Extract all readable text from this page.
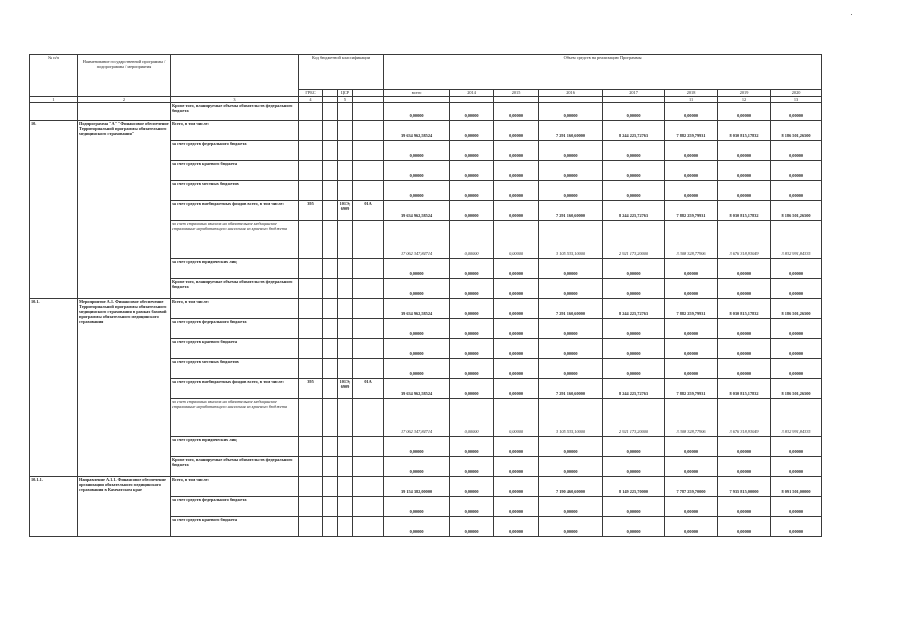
№ п/п	Наименование государственной программы / подпрограммы / мероприятия		Код бюджетной классификации				Объем средств на реализацию Программы							
			ГРБС		ЦСР		всего	2014	2015	2016	2017	2018	2019	2020
1	2	3	4		5							11	12	13
		Кроме того, планируемые объемы обязательств федерального бюджета					0,00000	0,00000	0,00000	0,00000	0,00000	0,00000	0,00000	0,00000
10.	Подпрограмма "А" "Финансовое обеспечение Территориальной программы обязательного медицинского страхования"	Всего, в том числе:					39 634 962,58524	0,00000	0,00000	7 291 160,60000	8 244 225,72763	7 882 259,79931	8 030 815,17832	8 186 501,26500
		за счет средств федерального бюджета					0,00000	0,00000	0,00000	0,00000	0,00000	0,00000	0,00000	0,00000
		за счет средств краевого бюджета					0,00000	0,00000	0,00000	0,00000	0,00000	0,00000	0,00000	0,00000
		за счет средств местных бюджетов					0,00000	0,00000	0,00000	0,00000	0,00000	0,00000	0,00000	0,00000
		за счет средств внебюджетных фондов всего, в том числе:	395		101Э; 6909	01А	39 634 962,58524	0,00000	0,00000	7 291 160,60000	8 244 225,72763	7 882 259,79931	8 030 815,17832	8 186 501,26500
		за счет страховых взносов на обязательное медицинское страхование неработающего населения из краевого бюджета					17 062 347,84714	0,00000	0,00000	3 105 535,10000	2 921 173,20000	3 308 328,77906	3 676 318,93049	3 832 991,84335
		за счет средств юридических лиц					0,00000	0,00000	0,00000	0,00000	0,00000	0,00000	0,00000	0,00000
		Кроме того, планируемые объемы обязательств федерального бюджета					0,00000	0,00000	0,00000	0,00000	0,00000	0,00000	0,00000	0,00000
10.1.	Мероприятие А.1. Финансовое обеспечение Территориальной программы обязательного медицинского страхования в рамках базовой программы обязательного медицинского страхования	Всего, в том числе:					39 634 962,58524	0,00000	0,00000	7 291 160,60000	8 244 225,72763	7 882 259,79931	8 030 815,17832	8 186 501,26500
		за счет средств федерального бюджета					0,00000	0,00000	0,00000	0,00000	0,00000	0,00000	0,00000	0,00000
		за счет средств краевого бюджета					0,00000	0,00000	0,00000	0,00000	0,00000	0,00000	0,00000	0,00000
		за счет средств местных бюджетов					0,00000	0,00000	0,00000	0,00000	0,00000	0,00000	0,00000	0,00000
		за счет средств внебюджетных фондов всего, в том числе:	395		101Э; 6909	01А	39 634 962,58524	0,00000	0,00000	7 291 160,60000	8 244 225,72763	7 882 259,79931	8 030 815,17832	8 186 501,26500
		за счет страховых взносов на обязательное медицинское страхование неработающего населения из краевого бюджета					17 062 347,84714	0,00000	0,00000	3 105 535,10000	2 921 173,20000	3 308 328,77906	3 676 318,93049	3 832 991,84335
		за счет средств юридических лиц					0,00000	0,00000	0,00000	0,00000	0,00000	0,00000	0,00000	0,00000
		Кроме того, планируемые объемы обязательств федерального бюджета					0,00000	0,00000	0,00000	0,00000	0,00000	0,00000	0,00000	0,00000
10.1.1.	Направление А.1.1. Финансовое обеспечение организации обязательного медицинского страхования в Камчатском крае	Всего, в том числе:					39 154 382,00000	0,00000	0,00000	7 190 460,60000	8 149 225,70000	7 787 259,70000	7 935 815,00000	8 091 501,00000
		за счет средств федерального бюджета					0,00000	0,00000	0,00000	0,00000	0,00000	0,00000	0,00000	0,00000
		за счет средств краевого бюджета					0,00000	0,00000	0,00000	0,00000	0,00000	0,00000	0,00000	0,00000
